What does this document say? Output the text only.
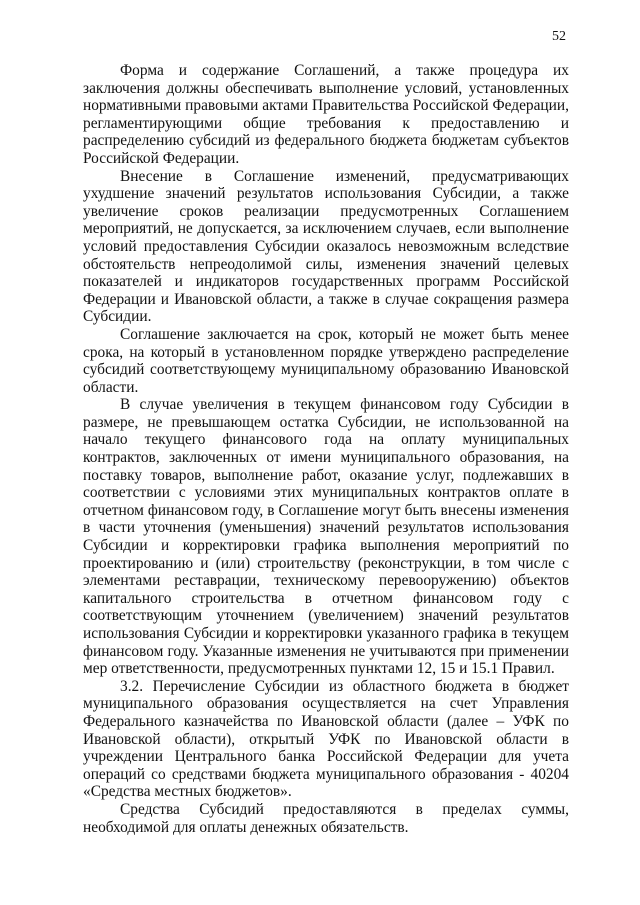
52

Форма и содержание Соглашений, а также процедура их заключения должны обеспечивать выполнение условий, установленных нормативными правовыми актами Правительства Российской Федерации, регламентирующими общие требования к предоставлению и распределению субсидий из федерального бюджета бюджетам субъектов Российской Федерации.

Внесение в Соглашение изменений, предусматривающих ухудшение значений результатов использования Субсидии, а также увеличение сроков реализации предусмотренных Соглашением мероприятий, не допускается, за исключением случаев, если выполнение условий предоставления Субсидии оказалось невозможным вследствие обстоятельств непреодолимой силы, изменения значений целевых показателей и индикаторов государственных программ Российской Федерации и Ивановской области, а также в случае сокращения размера Субсидии.

Соглашение заключается на срок, который не может быть менее срока, на который в установленном порядке утверждено распределение субсидий соответствующему муниципальному образованию Ивановской области.

В случае увеличения в текущем финансовом году Субсидии в размере, не превышающем остатка Субсидии, не использованной на начало текущего финансового года на оплату муниципальных контрактов, заключенных от имени муниципального образования, на поставку товаров, выполнение работ, оказание услуг, подлежавших в соответствии с условиями этих муниципальных контрактов оплате в отчетном финансовом году, в Соглашение могут быть внесены изменения в части уточнения (уменьшения) значений результатов использования Субсидии и корректировки графика выполнения мероприятий по проектированию и (или) строительству (реконструкции, в том числе с элементами реставрации, техническому перевооружению) объектов капитального строительства в отчетном финансовом году с соответствующим уточнением (увеличением) значений результатов использования Субсидии и корректировки указанного графика в текущем финансовом году. Указанные изменения не учитываются при применении мер ответственности, предусмотренных пунктами 12, 15 и 15.1 Правил.

3.2. Перечисление Субсидии из областного бюджета в бюджет муниципального образования осуществляется на счет Управления Федерального казначейства по Ивановской области (далее – УФК по Ивановской области), открытый УФК по Ивановской области в учреждении Центрального банка Российской Федерации для учета операций со средствами бюджета муниципального образования - 40204 «Средства местных бюджетов».

Средства Субсидий предоставляются в пределах суммы, необходимой для оплаты денежных обязательств.
